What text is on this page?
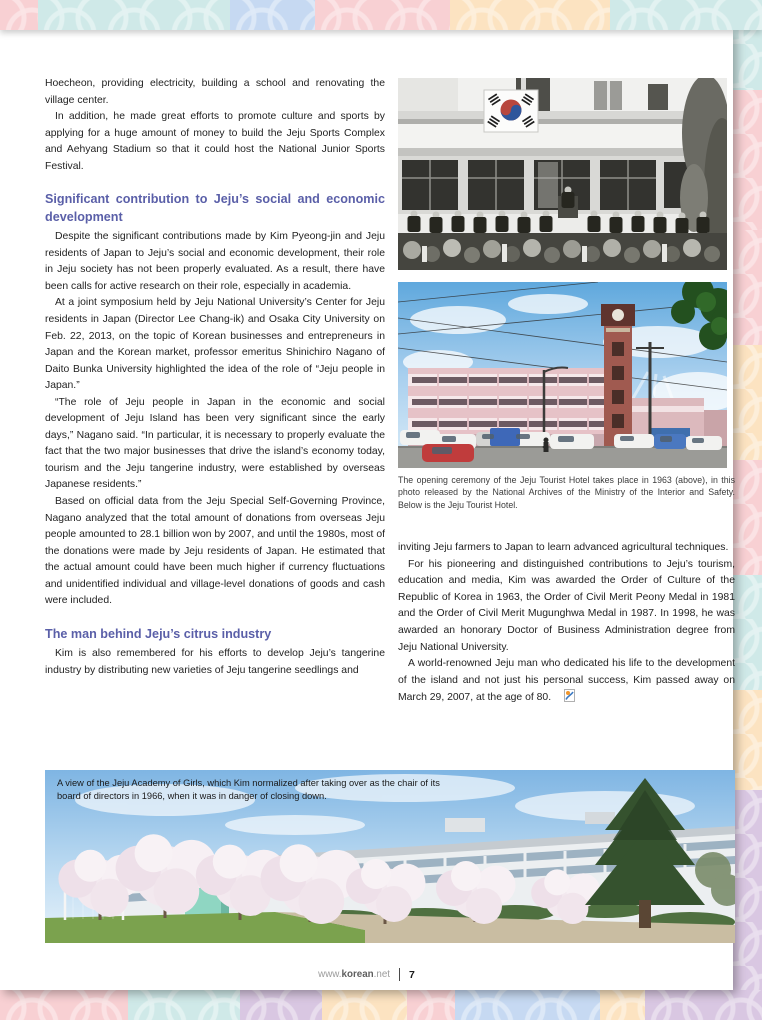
Hoecheon, providing electricity, building a school and renovating the village center.

In addition, he made great efforts to promote culture and sports by applying for a huge amount of money to build the Jeju Sports Complex and Aehyang Stadium so that it could host the National Junior Sports Festival.

Significant contribution to Jeju’s social and economic development

Despite the significant contributions made by Kim Pyeong-jin and Jeju residents of Japan to Jeju’s social and economic development, their role in Jeju society has not been properly evaluated. As a result, there have been calls for active research on their role, especially in academia.

At a joint symposium held by Jeju National University’s Center for Jeju residents in Japan (Director Lee Chang-ik) and Osaka City University on Feb. 22, 2013, on the topic of Korean businesses and entrepreneurs in Japan and the Korean market, professor emeritus Shinichiro Nagano of Daito Bunka University highlighted the idea of the role of “Jeju people in Japan.”

“The role of Jeju people in Japan in the economic and social development of Jeju Island has been very significant since the early days,” Nagano said. “In particular, it is necessary to properly evaluate the fact that the two major businesses that drive the island’s economy today, tourism and the Jeju tangerine industry, were established by overseas Japanese residents.”

Based on official data from the Jeju Special Self-Governing Province, Nagano analyzed that the total amount of donations from overseas Jeju people amounted to 28.1 billion won by 2007, and until the 1980s, most of the donations were made by Jeju residents of Japan. He estimated that the actual amount could have been much higher if currency fluctuations and unidentified individual and village-level donations of goods and cash were included.

The man behind Jeju’s citrus industry

Kim is also remembered for his efforts to develop Jeju’s tangerine industry by distributing new varieties of Jeju tangerine seedlings and

The opening ceremony of the Jeju Tourist Hotel takes place in 1963 (above), in this photo released by the National Archives of the Ministry of the Interior and Safety. Below is the Jeju Tourist Hotel.

inviting Jeju farmers to Japan to learn advanced agricultural techniques.

For his pioneering and distinguished contributions to Jeju’s tourism, education and media, Kim was awarded the Order of Culture of the Republic of Korea in 1963, the Order of Civil Merit Peony Medal in 1981 and the Order of Civil Merit Mugunghwa Medal in 1987. In 1998, he was awarded an honorary Doctor of Business Administration degree from Jeju National University.

A world-renowned Jeju man who dedicated his life to the development of the island and not just his personal success, Kim passed away on March 29, 2007, at the age of 80.

A view of the Jeju Academy of Girls, which Kim normalized after taking over as the chair of its board of directors in 1966, when it was in danger of closing down.
www. korean .net 7
